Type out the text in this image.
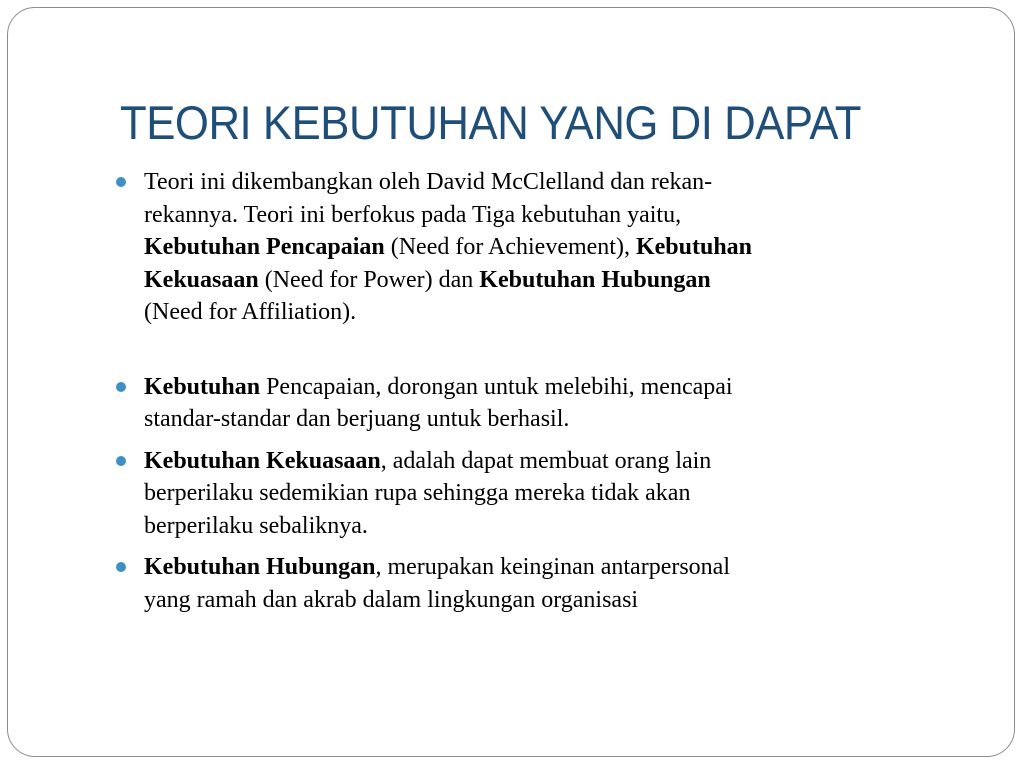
TEORI KEBUTUHAN YANG DI DAPAT
Teori ini dikembangkan oleh David McClelland dan rekan-
rekannya. Teori ini berfokus pada Tiga kebutuhan yaitu,
Kebutuhan Pencapaian (Need for Achievement), Kebutuhan
Kekuasaan (Need for Power) dan Kebutuhan Hubungan
(Need for Affiliation).
Kebutuhan Pencapaian, dorongan untuk melebihi, mencapai
standar-standar dan berjuang untuk berhasil.
Kebutuhan Kekuasaan, adalah dapat membuat orang lain
berperilaku sedemikian rupa sehingga mereka tidak akan
berperilaku sebaliknya.
Kebutuhan Hubungan, merupakan keinginan antarpersonal
yang ramah dan akrab dalam lingkungan organisasi
